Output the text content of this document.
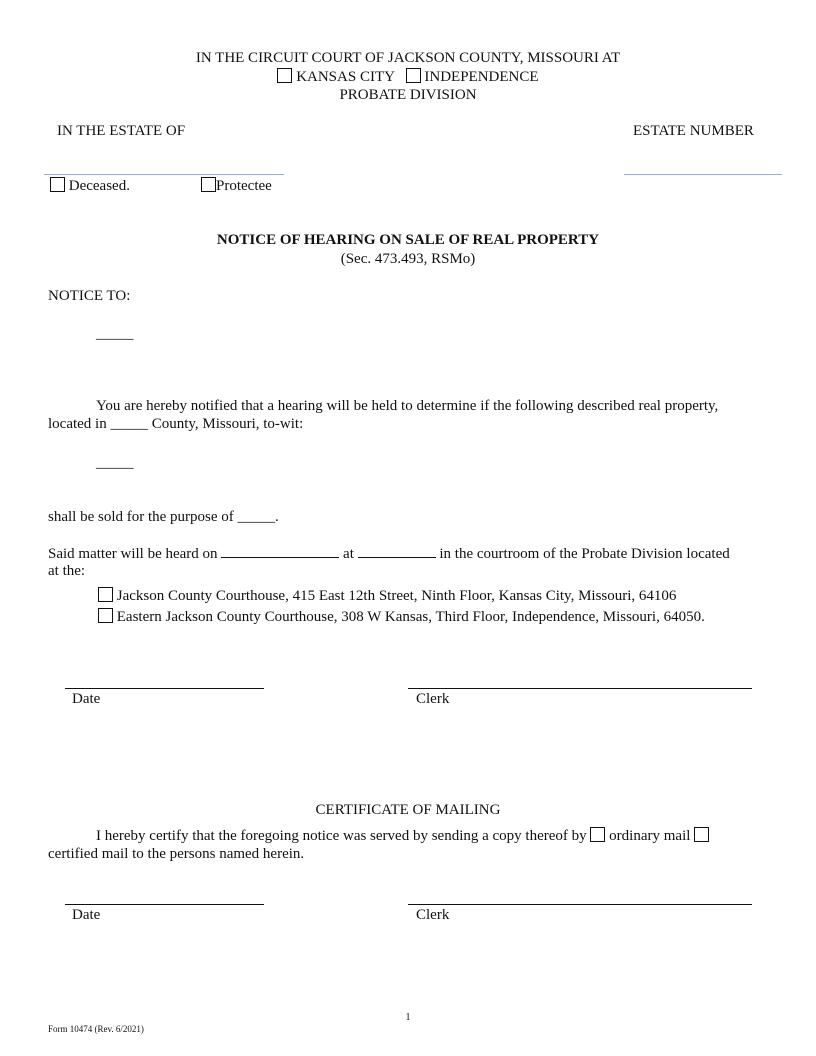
IN THE CIRCUIT COURT OF JACKSON COUNTY, MISSOURI AT
KANSAS CITY INDEPENDENCE
PROBATE DIVISION
IN THE ESTATE OF	ESTATE NUMBER
Deceased.	Protectee
NOTICE OF HEARING ON SALE OF REAL PROPERTY
(Sec. 473.493, RSMo)
NOTICE TO:
_____
You are hereby notified that a hearing will be held to determine if the following described real property,
located in _____ County, Missouri, to-wit:
_____
shall be sold for the purpose of _____.
Said matter will be heard on	at	in the courtroom of the Probate Division located
at the:
Jackson County Courthouse, 415 East 12th Street, Ninth Floor, Kansas City, Missouri, 64106
Eastern Jackson County Courthouse, 308 W Kansas, Third Floor, Independence, Missouri, 64050.
Date	Clerk
CERTIFICATE OF MAILING
I hereby certify that the foregoing notice was served by sending a copy thereof by ordinary mail
certified mail to the persons named herein.
Date	Clerk
1
Form 10474 (Rev. 6/2021)
